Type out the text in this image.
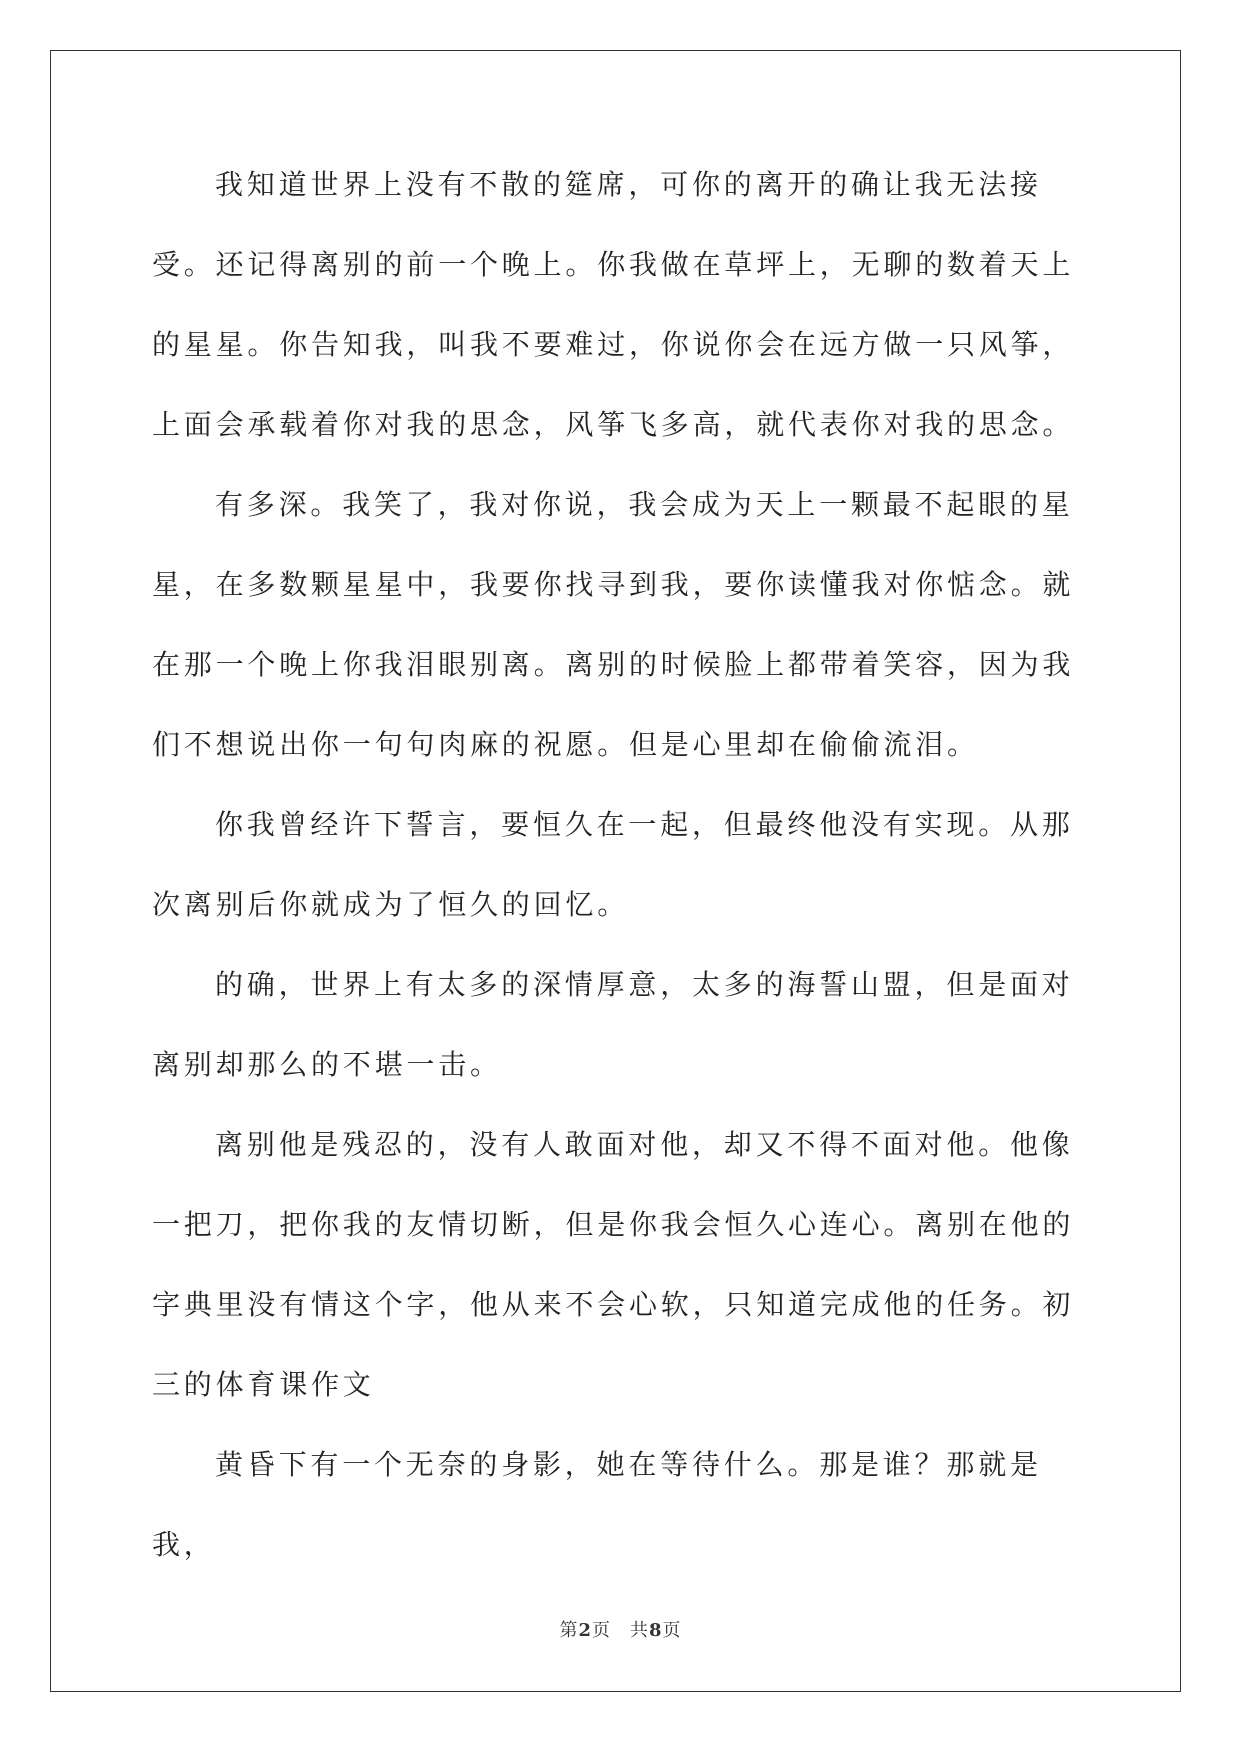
我知道世界上没有不散的筵席，可你的离开的确让我无法接受。还记得离别的前一个晚上。你我做在草坪上，无聊的数着天上的星星。你告知我，叫我不要难过，你说你会在远方做一只风筝，上面会承载着你对我的思念，风筝飞多高，就代表你对我的思念。

有多深。我笑了，我对你说，我会成为天上一颗最不起眼的星星，在多数颗星星中，我要你找寻到我，要你读懂我对你惦念。就在那一个晚上你我泪眼别离。离别的时候脸上都带着笑容，因为我们不想说出你一句句肉麻的祝愿。但是心里却在偷偷流泪。

你我曾经许下誓言，要恒久在一起，但最终他没有实现。从那次离别后你就成为了恒久的回忆。

的确，世界上有太多的深情厚意，太多的海誓山盟，但是面对离别却那么的不堪一击。

离别他是残忍的，没有人敢面对他，却又不得不面对他。他像一把刀，把你我的友情切断，但是你我会恒久心连心。离别在他的字典里没有情这个字，他从来不会心软，只知道完成他的任务。初三的体育课作文

黄昏下有一个无奈的身影，她在等待什么。那是谁？那就是我，

第2页　共8页
